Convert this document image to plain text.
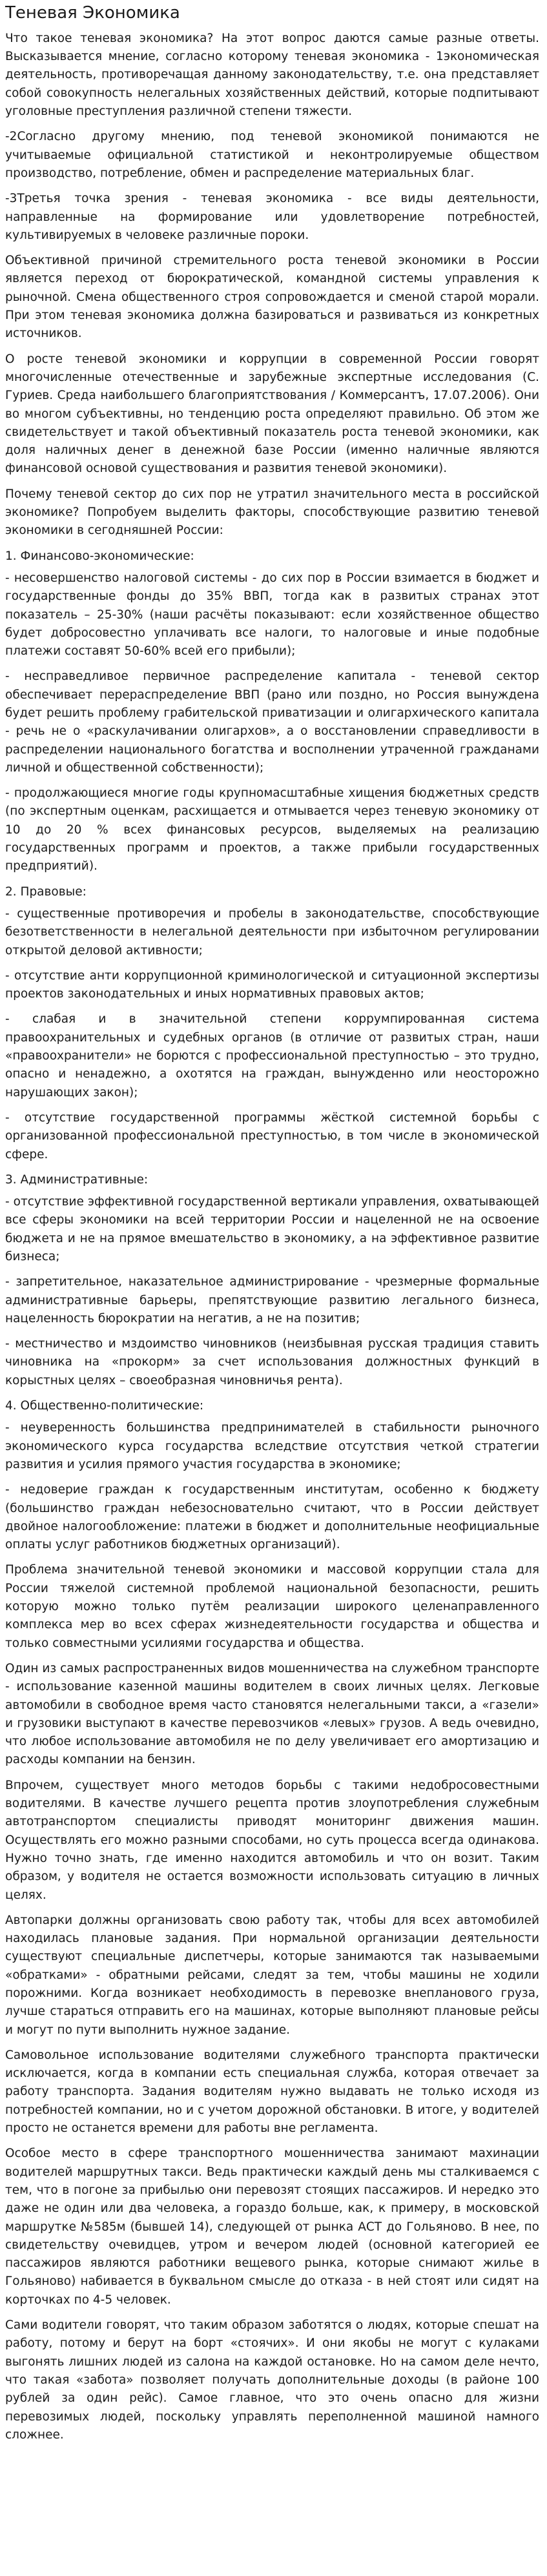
Теневая Экономика

Что такое теневая экономика? На этот вопрос даются самые разные ответы. Высказывается мнение, согласно которому теневая экономика - 1экономическая деятельность, противоречащая данному законодательству, т.е. она представляет собой совокупность нелегальных хозяйственных действий, которые подпитывают уголовные преступления различной степени тяжести.

-2Согласно другому мнению, под теневой экономикой понимаются не учитываемые официальной статистикой и неконтролируемые обществом производство, потребление, обмен и распределение материальных благ.

-3Третья точка зрения - теневая экономика - все виды деятельности, направленные на формирование или удовлетворение потребностей, культивируемых в человеке различные пороки.

Объективной причиной стремительного роста теневой экономики в России является переход от бюрократической, командной системы управления к рыночной. Смена общественного строя сопровождается и сменой старой морали. При этом теневая экономика должна базироваться и развиваться из конкретных источников.

О росте теневой экономики и коррупции в современной России говорят многочисленные отечественные и зарубежные экспертные исследования (С. Гуриев. Среда наибольшего благоприятствования / Коммерсантъ, 17.07.2006). Они во многом субъективны, но тенденцию роста определяют правильно. Об этом же свидетельствует и такой объективный показатель роста теневой экономики, как доля наличных денег в денежной базе России (именно наличные являются финансовой основой существования и развития теневой экономики).

Почему теневой сектор до сих пор не утратил значительного места в российской экономике? Попробуем выделить факторы, способствующие развитию теневой экономики в сегодняшней России:

1. Финансово-экономические:

- несовершенство налоговой системы - до сих пор в России взимается в бюджет и государственные фонды до 35% ВВП, тогда как в развитых странах этот показатель – 25-30% (наши расчёты показывают: если хозяйственное общество будет добросовестно уплачивать все налоги, то налоговые и иные подобные платежи составят 50-60% всей его прибыли);

- несправедливое первичное распределение капитала - теневой сектор обеспечивает перераспределение ВВП (рано или поздно, но Россия вынуждена будет решить проблему грабительской приватизации и олигархического капитала - речь не о «раскулачивании олигархов», а о восстановлении справедливости в распределении национального богатства и восполнении утраченной гражданами личной и общественной собственности);

- продолжающиеся многие годы крупномасштабные хищения бюджетных средств (по экспертным оценкам, расхищается и отмывается через теневую экономику от 10 до 20 % всех финансовых ресурсов, выделяемых на реализацию государственных программ и проектов, а также прибыли государственных предприятий).

2. Правовые:

- существенные противоречия и пробелы в законодательстве, способствующие безответственности в нелегальной деятельности при избыточном регулировании открытой деловой активности;

- отсутствие анти коррупционной криминологической и ситуационной экспертизы проектов законодательных и иных нормативных правовых актов;

- слабая и в значительной степени коррумпированная система правоохранительных и судебных органов (в отличие от развитых стран, наши «правоохранители» не борются с профессиональной преступностью – это трудно, опасно и ненадежно, а охотятся на граждан, вынужденно или неосторожно нарушающих закон);

- отсутствие государственной программы жёсткой системной борьбы с организованной профессиональной преступностью, в том числе в экономической сфере.

3. Административные:

- отсутствие эффективной государственной вертикали управления, охватывающей все сферы экономики на всей территории России и нацеленной не на освоение бюджета и не на прямое вмешательство в экономику, а на эффективное развитие бизнеса;

- запретительное, наказательное администрирование - чрезмерные формальные административные барьеры, препятствующие развитию легального бизнеса, нацеленность бюрократии на негатив, а не на позитив;

- местничество и мздоимство чиновников (неизбывная русская традиция ставить чиновника на «прокорм» за счет использования должностных функций в корыстных целях – своеобразная чиновничья рента).

4. Общественно-политические:

- неуверенность большинства предпринимателей в стабильности рыночного экономического курса государства вследствие отсутствия четкой стратегии развития и усилия прямого участия государства в экономике;

- недоверие граждан к государственным институтам, особенно к бюджету (большинство граждан небезосновательно считают, что в России действует двойное налогообложение: платежи в бюджет и дополнительные неофициальные оплаты услуг работников бюджетных организаций).

Проблема значительной теневой экономики и массовой коррупции стала для России тяжелой системной проблемой национальной безопасности, решить которую можно только путём реализации широкого целенаправленного комплекса мер во всех сферах жизнедеятельности государства и общества и только совместными усилиями государства и общества.

Один из самых распространенных видов мошенничества на служебном транспорте - использование казенной машины водителем в своих личных целях. Легковые автомобили в свободное время часто становятся нелегальными такси, а «газели» и грузовики выступают в качестве перевозчиков «левых» грузов. А ведь очевидно, что любое использование автомобиля не по делу увеличивает его амортизацию и расходы компании на бензин.

Впрочем, существует много методов борьбы с такими недобросовестными водителями. В качестве лучшего рецепта против злоупотребления служебным автотранспортом специалисты приводят мониторинг движения машин. Осуществлять его можно разными способами, но суть процесса всегда одинакова. Нужно точно знать, где именно находится автомобиль и что он возит. Таким образом, у водителя не остается возможности использовать ситуацию в личных целях.

Автопарки должны организовать свою работу так, чтобы для всех автомобилей находилась плановые задания. При нормальной организации деятельности существуют специальные диспетчеры, которые занимаются так называемыми «обратками» - обратными рейсами, следят за тем, чтобы машины не ходили порожними. Когда возникает необходимость в перевозке внепланового груза, лучше стараться отправить его на машинах, которые выполняют плановые рейсы и могут по пути выполнить нужное задание.

Самовольное использование водителями служебного транспорта практически исключается, когда в компании есть специальная служба, которая отвечает за работу транспорта. Задания водителям нужно выдавать не только исходя из потребностей компании, но и с учетом дорожной обстановки. В итоге, у водителей просто не останется времени для работы вне регламента.

Особое место в сфере транспортного мошенничества занимают махинации водителей маршрутных такси. Ведь практически каждый день мы сталкиваемся с тем, что в погоне за прибылью они перевозят стоящих пассажиров. И нередко это даже не один или два человека, а гораздо больше, как, к примеру, в московской маршрутке №585м (бывшей 14), следующей от рынка АСТ до Гольяново. В нее, по свидетельству очевидцев, утром и вечером людей (основной категорией ее пассажиров являются работники вещевого рынка, которые снимают жилье в Гольяново) набивается в буквальном смысле до отказа - в ней стоят или сидят на корточках по 4-5 человек.

Сами водители говорят, что таким образом заботятся о людях, которые спешат на работу, потому и берут на борт «стоячих». И они якобы не могут с кулаками выгонять лишних людей из салона на каждой остановке. Но на самом деле нечто, что такая «забота» позволяет получать дополнительные доходы (в районе 100 рублей за один рейс). Самое главное, что это очень опасно для жизни перевозимых людей, поскольку управлять переполненной машиной намного сложнее.
